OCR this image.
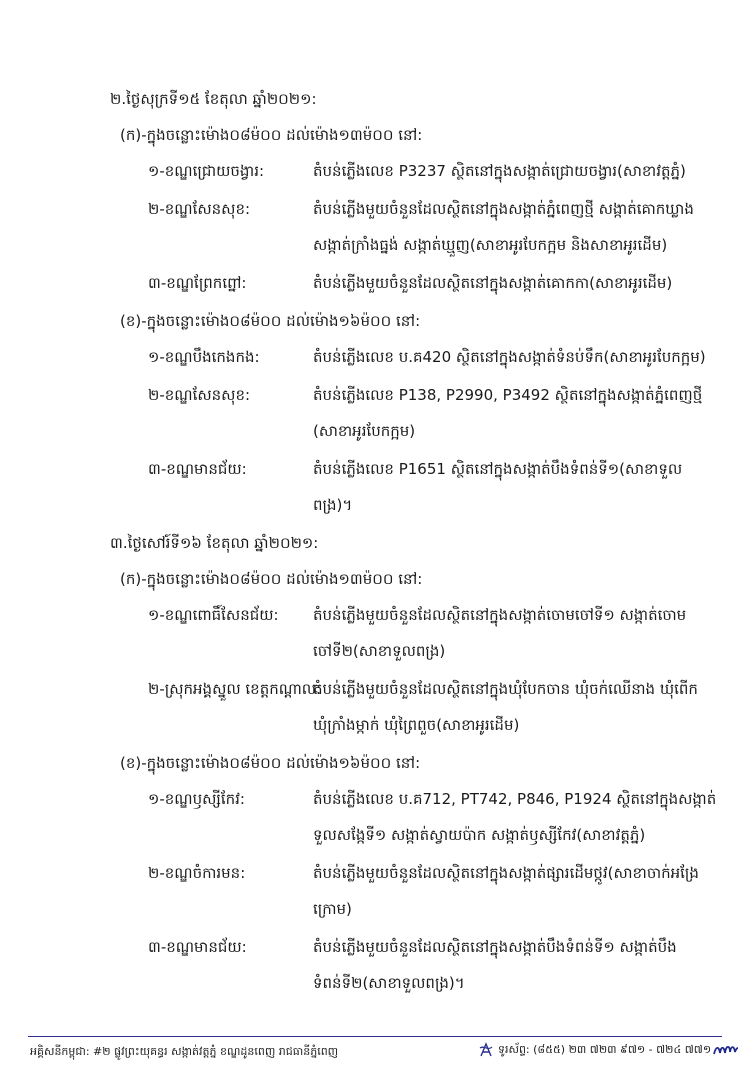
២.ថ្ងៃសុក្រទី១៥ ខែតុលា ឆ្នាំ២០២១:
(ក)-ក្នុងចន្លោះម៉ោង០៨ម៉០០ ដល់ម៉ោង១៣ម៉០០ នៅ:
១-ខណ្ឌជ្រោយចង្វារ:	តំបន់ភ្លើងលេខ P3237 ស្ថិតនៅក្នុងសង្កាត់ជ្រោយចង្វារ(សាខាវត្តភ្នំ)
២-ខណ្ឌសែនសុខ:	តំបន់ភ្លើងមួយចំនួនដែលស្ថិតនៅក្នុងសង្កាត់ភ្នំពេញថ្មី សង្កាត់គោកឃ្លាង
សង្កាត់ក្រាំងធ្នង់ សង្កាត់ឃ្មួញ(សាខាអូរបែកក្អម និងសាខាអូរដើម)
៣-ខណ្ឌព្រែកព្នៅ:	តំបន់ភ្លើងមួយចំនួនដែលស្ថិតនៅក្នុងសង្កាត់គោកកា(សាខាអូរដើម)
(ខ)-ក្នុងចន្លោះម៉ោង០៨ម៉០០ ដល់ម៉ោង១៦ម៉០០ នៅ:
១-ខណ្ឌបឹងកេងកង:	តំបន់ភ្លើងលេខ ប.គ420 ស្ថិតនៅក្នុងសង្កាត់ទំនប់ទឹក(សាខាអូរបែកក្អម)
២-ខណ្ឌសែនសុខ:	តំបន់ភ្លើងលេខ P138, P2990, P3492 ស្ថិតនៅក្នុងសង្កាត់ភ្នំពេញថ្មី
(សាខាអូរបែកក្អម)
៣-ខណ្ឌមានជ័យ:	តំបន់ភ្លើងលេខ P1651 ស្ថិតនៅក្នុងសង្កាត់បឹងទំពន់ទី១(សាខាទួល
ពង្រ)។
៣.ថ្ងៃសៅរ៍ទី១៦ ខែតុលា ឆ្នាំ២០២១:
(ក)-ក្នុងចន្លោះម៉ោង០៨ម៉០០ ដល់ម៉ោង១៣ម៉០០ នៅ:
១-ខណ្ឌពោធិ៍សែនជ័យ: តំបន់ភ្លើងមួយចំនួនដែលស្ថិតនៅក្នុងសង្កាត់ចោមចៅទី១ សង្កាត់ចោម
ចៅទី២(សាខាទួលពង្រ)
២-ស្រុកអង្គស្នួល ខេត្តកណ្ដាល:
តំបន់ភ្លើងមួយចំនួនដែលស្ថិតនៅក្នុងឃុំបែកចាន ឃុំចក់ឈើនាង ឃុំពើក
ឃុំក្រាំងម្កាក់ ឃុំព្រៃពួច(សាខាអូរដើម)
(ខ)-ក្នុងចន្លោះម៉ោង០៨ម៉០០ ដល់ម៉ោង១៦ម៉០០ នៅ:
១-ខណ្ឌឫស្សីកែវ:	តំបន់ភ្លើងលេខ ប.គ712, PT742, P846, P1924 ស្ថិតនៅក្នុងសង្កាត់
ទួលសង្កែទី១ សង្កាត់ស្វាយប៉ាក សង្កាត់ឫស្សីកែវ(សាខាវត្តភ្នំ)
២-ខណ្ឌចំការមន:	តំបន់ភ្លើងមួយចំនួនដែលស្ថិតនៅក្នុងសង្កាត់ផ្សារដើមថ្កូវ(សាខាចាក់អង្រែ
ក្រោម)
៣-ខណ្ឌមានជ័យ:	តំបន់ភ្លើងមួយចំនួនដែលស្ថិតនៅក្នុងសង្កាត់បឹងទំពន់ទី១ សង្កាត់បឹង
ទំពន់ទី២(សាខាទួលពង្រ)។
អគ្គិសនីកម្ពុជា: #២ ផ្លូវព្រះយុគន្ធរ សង្កាត់វត្តភ្នំ ខណ្ឌដូនពេញ រាជធានីភ្នំពេញ	ទូរស័ព្ទ: (៨៥៥) ២៣ ៧២៣ ៩៧១ - ៧២៤ ៧៧១
